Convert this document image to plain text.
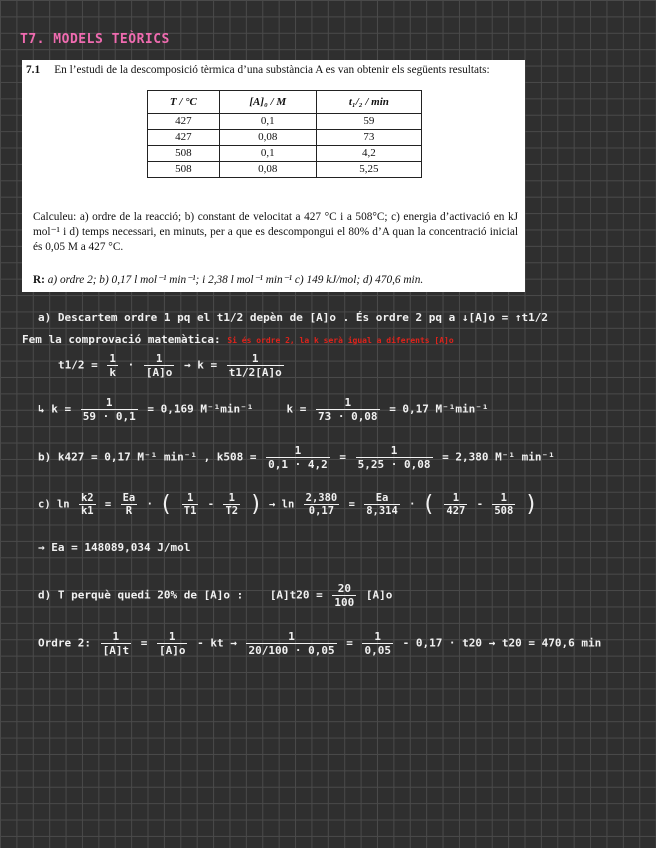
T7. MODELS TEÒRICS
7.1 En l’estudi de la descomposició tèrmica d’una substància A es van obtenir els següents resultats:
T / °C	[A]₀ / M	t₁/₂ / min
427	0,1	59
427	0,08	73
508	0,1	4,2
508	0,08	5,25
Calculeu: a) ordre de la reacció; b) constant de velocitat a 427 °C i a 508°C; c) energia d’activació en kJ mol⁻¹ i d) temps necessari, en minuts, per a que es descompongui el 80% d’A quan la concentració inicial és 0,05 M a 427 °C.
R: a) ordre 2; b) 0,17 l mol⁻¹ min⁻¹; i 2,38 l mol⁻¹ min⁻¹ c) 149 kJ/mol; d) 470,6 min.
a) Descartem ordre 1 pq el t1/2 depèn de [A]o . És ordre 2 pq a ↓[A]o = ↑t1/2
Fem la comprovació matemàtica: Si és ordre 2, la k serà igual a diferents [A]o
$t1/2 = \frac{1}{k} \cdot \frac{1}{[A]o} \to k = \frac{1}{t1/2[A]o}$
↳ $k = \frac{1}{59 \cdot 0,1} = 0,169$ M⁻¹min⁻¹	$k = \frac{1}{73 \cdot 0,08} = 0,17$ M⁻¹min⁻¹
b) k427 = 0,17 M⁻¹ min⁻¹ , $k508 = \frac{1}{0,1 \cdot 4,2} = \frac{1}{5,25 \cdot 0,08} = 2,380$ M⁻¹ min⁻¹
c) $\ln \frac{k2}{k1} = \frac{Ea}{R}$ · ( $\frac{1}{T1} - \frac{1}{T2}$ ) → $\ln \frac{2,380}{0,17} = \frac{Ea}{8,314}$ · ( $\frac{1}{427} - \frac{1}{508}$ )
→ Ea = 148089,034 J/mol
d) T perquè quedi 20% de [A]o : $[A]t20 = \frac{20}{100} [A]o$
Ordre 2: $\frac{1}{[A]t} = \frac{1}{[A]o}$ - kt → $\frac{1}{20/100 \cdot 0,05} = \frac{1}{0,05} - 0,17 \cdot t20 \to t20 = 470,6$ min
